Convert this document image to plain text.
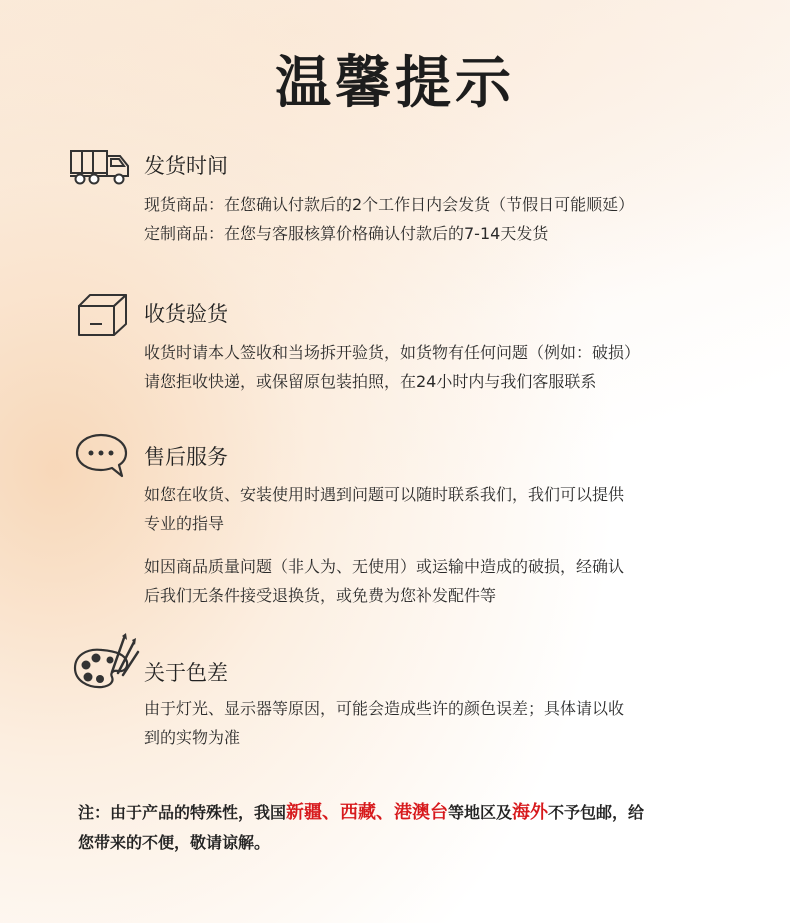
温馨提示
发货时间
现货商品：在您确认付款后的2个工作日内会发货（节假日可能顺延）
定制商品：在您与客服核算价格确认付款后的7-14天发货
收货验货
收货时请本人签收和当场拆开验货，如货物有任何问题（例如：破损）
请您拒收快递，或保留原包装拍照，在24小时内与我们客服联系
售后服务
如您在收货、安装使用时遇到问题可以随时联系我们，我们可以提供
专业的指导
如因商品质量问题（非人为、无使用）或运输中造成的破损，经确认
后我们无条件接受退换货，或免费为您补发配件等
关于色差
由于灯光、显示器等原因，可能会造成些许的颜色误差；具体请以收
到的实物为准
注：由于产品的特殊性，我国新疆、西藏、港澳台等地区及海外不予包邮，给
您带来的不便，敬请谅解。
